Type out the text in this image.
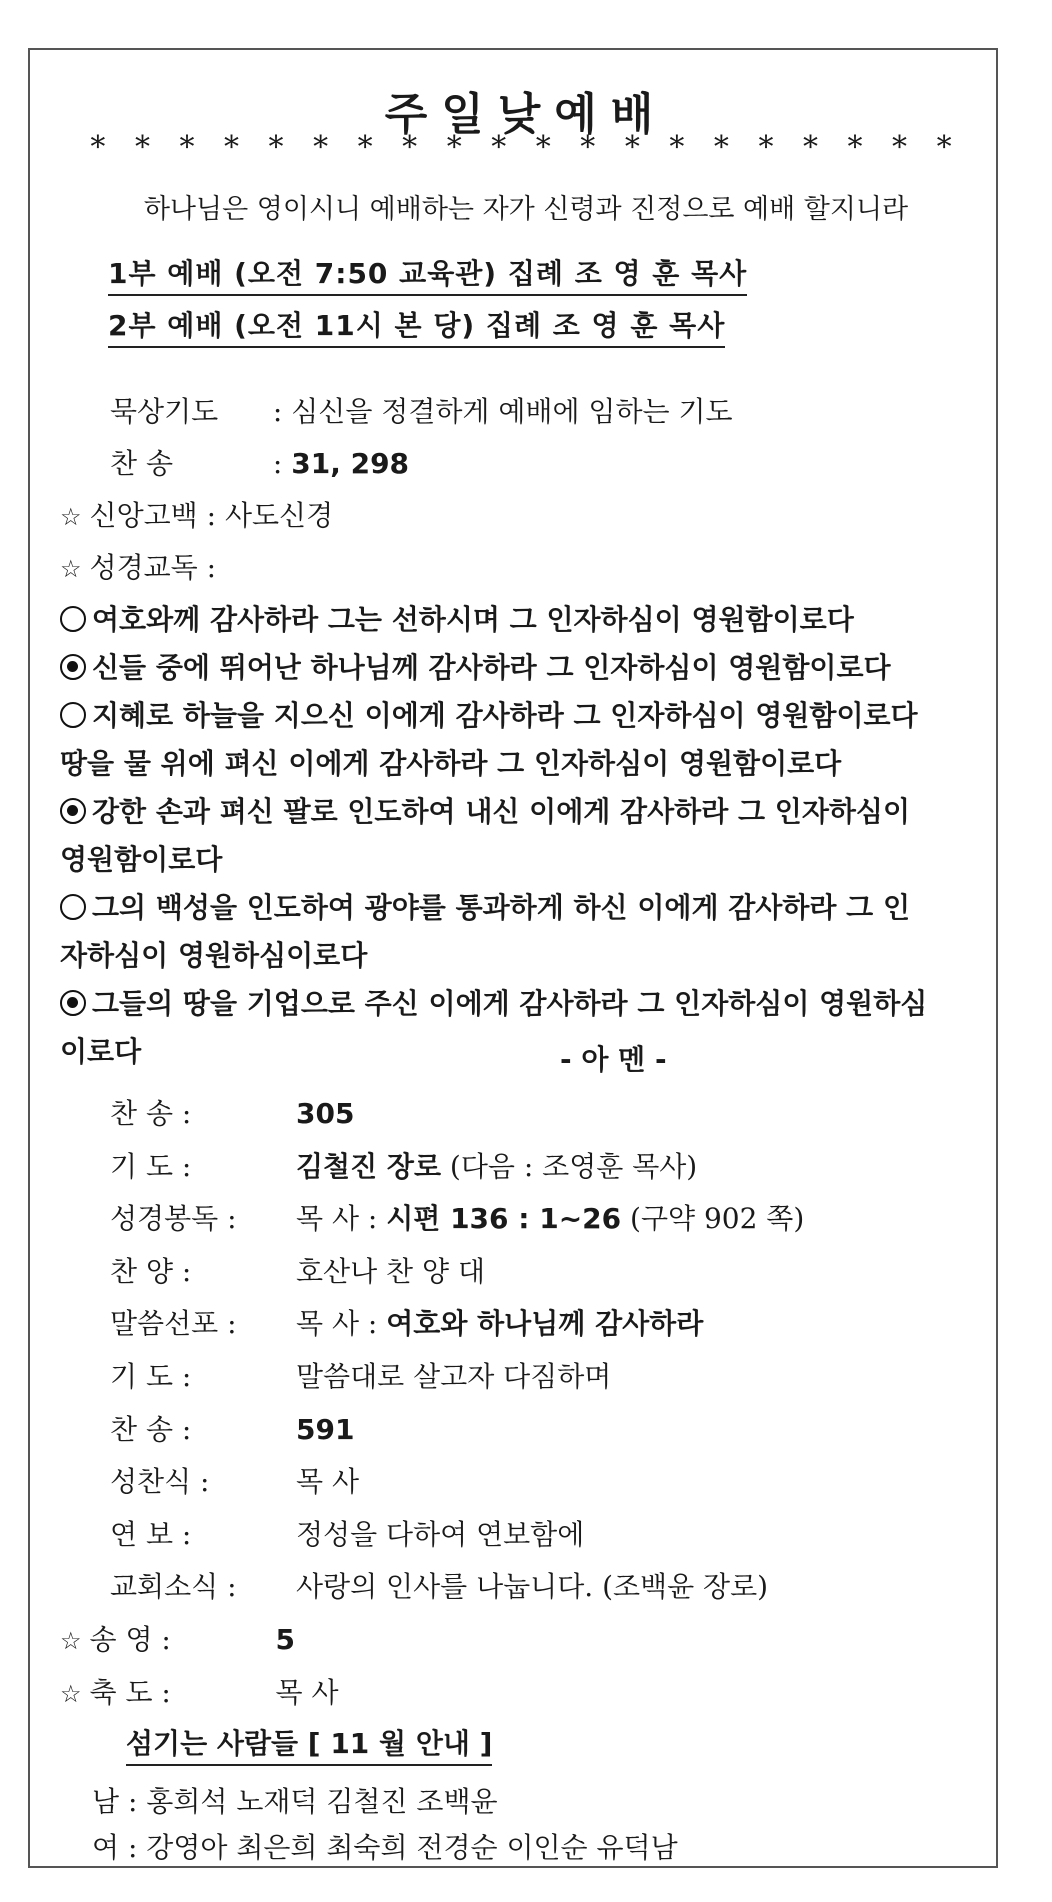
주일낮예배
* * * * * * * * * * * * * * * * * * * *
하나님은 영이시니 예배하는 자가 신령과 진정으로 예배 할지니라
1부 예배 (오전 7:50 교육관) 집례 조 영 훈 목사
2부 예배 (오전 11시 본 당) 집례 조 영 훈 목사
묵상기도 : 심신을 정결하게 예배에 임하는 기도
찬 송	: 31, 298
☆ 신앙고백 : 사도신경
☆ 성경교독 :
여호와께 감사하라 그는 선하시며 그 인자하심이 영원함이로다
신들 중에 뛰어난 하나님께 감사하라 그 인자하심이 영원함이로다
지혜로 하늘을 지으신 이에게 감사하라 그 인자하심이 영원함이로다
땅을 물 위에 펴신 이에게 감사하라 그 인자하심이 영원함이로다
강한 손과 펴신 팔로 인도하여 내신 이에게 감사하라 그 인자하심이
영원함이로다
그의 백성을 인도하여 광야를 통과하게 하신 이에게 감사하라 그 인
자하심이 영원하심이로다
그들의 땅을 기업으로 주신 이에게 감사하라 그 인자하심이 영원하심
이로다	- 아 멘 -
찬 송 :	305
기 도 :	김철진 장로 (다음 : 조영훈 목사)
성경봉독 : 목 사 : 시편 136 : 1~26 (구약 902 쪽)
찬 양 :	호산나 찬 양 대
말씀선포 : 목 사 : 여호와 하나님께 감사하라
기 도 :	말씀대로 살고자 다짐하며
찬 송 :	591
성찬식 :	목 사
연 보 :	정성을 다하여 연보함에
교회소식 : 사랑의 인사를 나눕니다. (조백윤 장로)
☆ 송 영 :	5
☆ 축 도 :	목 사
섬기는 사람들 [ 11 월 안내 ]
남 : 홍희석 노재덕 김철진 조백윤
여 : 강영아 최은희 최숙희 전경순 이인순 유덕남
